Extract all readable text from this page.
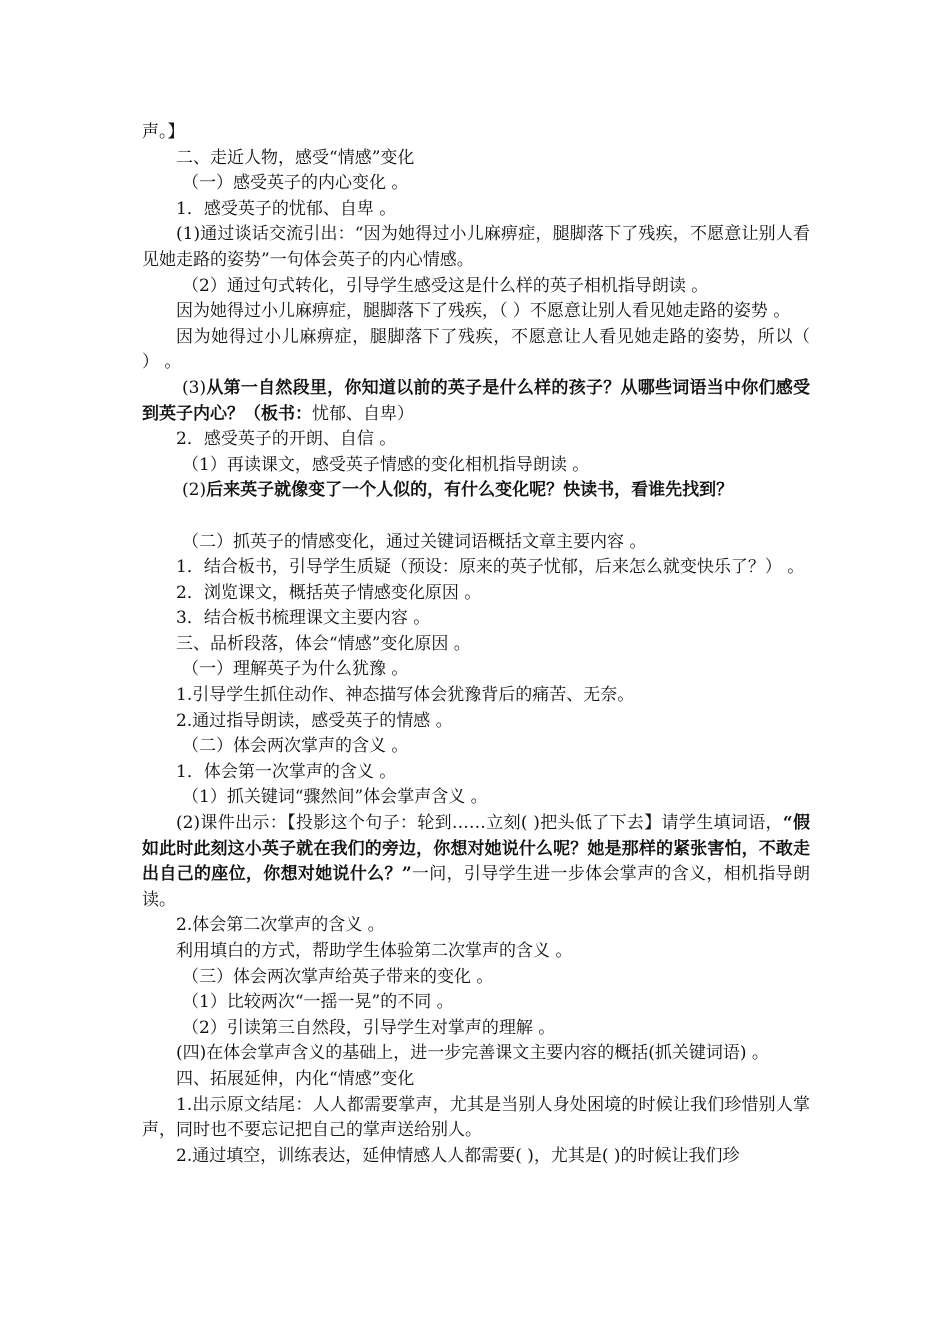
声。】

二、走近人物，感受“情感”变化

（一）感受英子的内心变化 。

1．感受英子的忧郁、自卑 。

(1)通过谈话交流引出：“因为她得过小儿麻痹症，腿脚落下了残疾，不愿意让别人看见她走路的姿势”一句体会英子的内心情感。

（2）通过句式转化，引导学生感受这是什么样的英子相机指导朗读 。

因为她得过小儿麻痹症，腿脚落下了残疾，（ ）不愿意让别人看见她走路的姿势 。

因为她得过小儿麻痹症，腿脚落下了残疾，不愿意让人看见她走路的姿势，所以（ ） 。

(3)从第一自然段里，你知道以前的英子是什么样的孩子？从哪些词语当中你们感受到英子内心？（板书：忧郁、自卑）

2．感受英子的开朗、自信 。

（1）再读课文，感受英子情感的变化相机指导朗读 。

(2)后来英子就像变了一个人似的，有什么变化呢？快读书，看谁先找到？

（二）抓英子的情感变化，通过关键词语概括文章主要内容 。

1．结合板书，引导学生质疑（预设：原来的英子忧郁，后来怎么就变快乐了？） 。

2．浏览课文，概括英子情感变化原因 。

3．结合板书梳理课文主要内容 。

三、品析段落，体会“情感”变化原因 。

（一）理解英子为什么犹豫 。

1.引导学生抓住动作、神态描写体会犹豫背后的痛苦、无奈。

2.通过指导朗读，感受英子的情感 。

（二）体会两次掌声的含义 。

1．体会第一次掌声的含义 。

（1）抓关键词“骤然间”体会掌声含义 。

(2)课件出示：【投影这个句子：轮到……立刻( )把头低了下去】请学生填词语，“假如此时此刻这小英子就在我们的旁边，你想对她说什么呢？她是那样的紧张害怕，不敢走出自己的座位，你想对她说什么？”一问，引导学生进一步体会掌声的含义，相机指导朗读。

2.体会第二次掌声的含义 。

利用填白的方式，帮助学生体验第二次掌声的含义 。

（三）体会两次掌声给英子带来的变化 。

（1）比较两次“一摇一晃”的不同 。

（2）引读第三自然段，引导学生对掌声的理解 。

(四)在体会掌声含义的基础上，进一步完善课文主要内容的概括(抓关键词语) 。

四、拓展延伸，内化“情感”变化

1.出示原文结尾：人人都需要掌声，尤其是当别人身处困境的时候让我们珍惜别人掌声，同时也不要忘记把自己的掌声送给别人。

2.通过填空，训练表达，延伸情感人人都需要( )，尤其是( )的时候让我们珍
